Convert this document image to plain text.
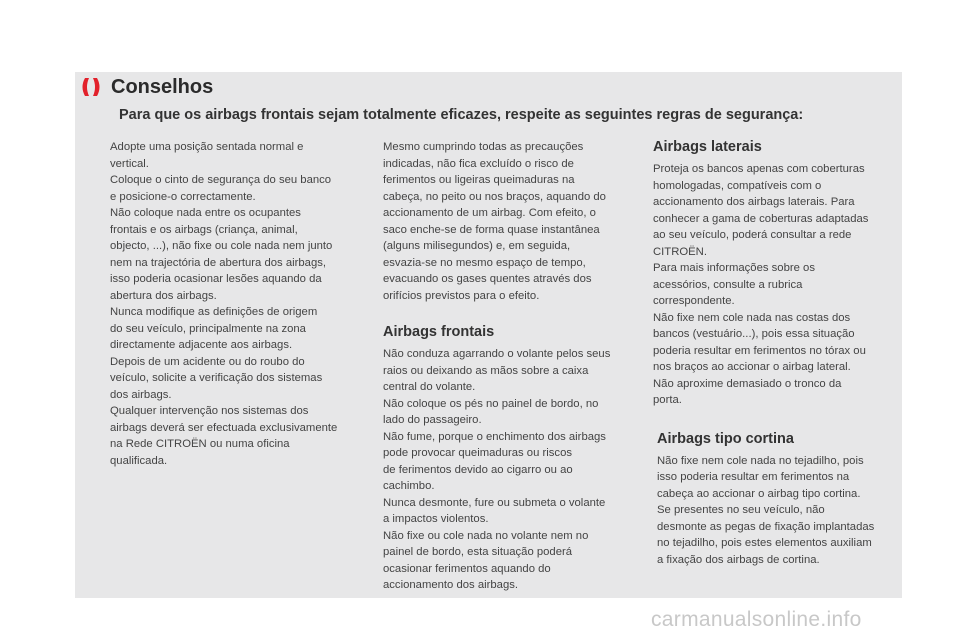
Conselhos
Para que os airbags frontais sejam totalmente eficazes, respeite as seguintes regras de segurança:

Adopte uma posição sentada normal e
vertical.
Coloque o cinto de segurança do seu banco
e posicione-o correctamente.
Não coloque nada entre os ocupantes
frontais e os airbags (criança, animal,
objecto, ...), não fixe ou cole nada nem junto
nem na trajectória de abertura dos airbags,
isso poderia ocasionar lesões aquando da
abertura dos airbags.
Nunca modifique as definições de origem
do seu veículo, principalmente na zona
directamente adjacente aos airbags.
Depois de um acidente ou do roubo do
veículo, solicite a verificação dos sistemas
dos airbags.
Qualquer intervenção nos sistemas dos
airbags deverá ser efectuada exclusivamente
na Rede CITROËN ou numa oficina
qualificada.

Mesmo cumprindo todas as precauções
indicadas, não fica excluído o risco de
ferimentos ou ligeiras queimaduras na
cabeça, no peito ou nos braços, aquando do
accionamento de um airbag. Com efeito, o
saco enche-se de forma quase instantânea
(alguns milisegundos) e, em seguida,
esvazia-se no mesmo espaço de tempo,
evacuando os gases quentes através dos
orifícios previstos para o efeito.

Airbags frontais

Não conduza agarrando o volante pelos seus
raios ou deixando as mãos sobre a caixa
central do volante.
Não coloque os pés no painel de bordo, no
lado do passageiro.
Não fume, porque o enchimento dos airbags
pode provocar queimaduras ou riscos
de ferimentos devido ao cigarro ou ao
cachimbo.
Nunca desmonte, fure ou submeta o volante
a impactos violentos.
Não fixe ou cole nada no volante nem no
painel de bordo, esta situação poderá
ocasionar ferimentos aquando do
accionamento dos airbags.

Airbags laterais

Proteja os bancos apenas com coberturas
homologadas, compatíveis com o
accionamento dos airbags laterais. Para
conhecer a gama de coberturas adaptadas
ao seu veículo, poderá consultar a rede
CITROËN.
Para mais informações sobre os
acessórios, consulte a rubrica
correspondente.
Não fixe nem cole nada nas costas dos
bancos (vestuário...), pois essa situação
poderia resultar em ferimentos no tórax ou
nos braços ao accionar o airbag lateral.
Não aproxime demasiado o tronco da
porta.

Airbags tipo cortina

Não fixe nem cole nada no tejadilho, pois
isso poderia resultar em ferimentos na
cabeça ao accionar o airbag tipo cortina.
Se presentes no seu veículo, não
desmonte as pegas de fixação implantadas
no tejadilho, pois estes elementos auxiliam
a fixação dos airbags de cortina.

carmanualsonline.info
